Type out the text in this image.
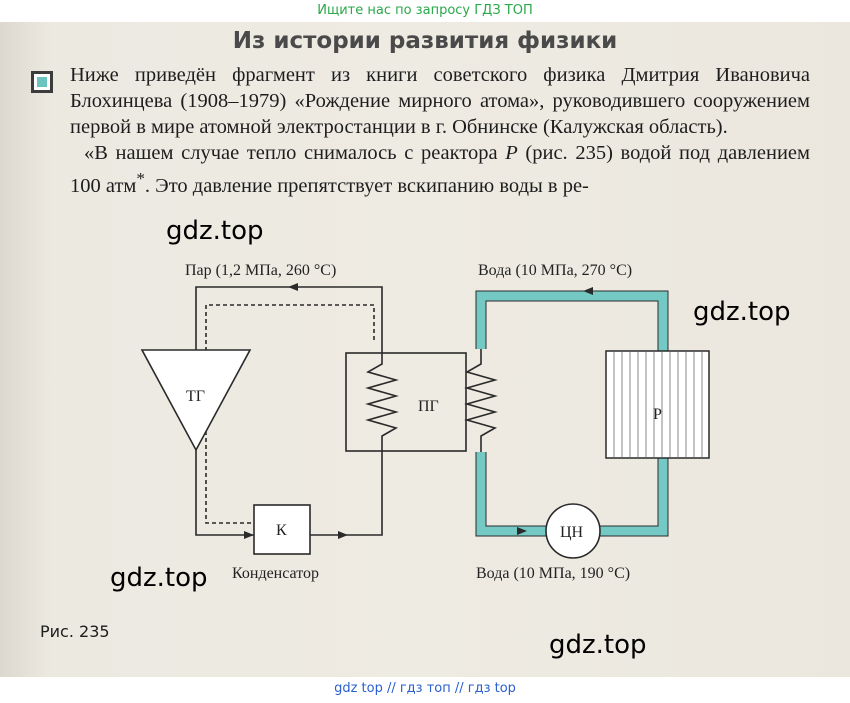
Ищите нас по запросу ГДЗ ТОП
Из истории развития физики

Ниже приведён фрагмент из книги советского физика Дмитрия Ивановича Блохинцева (1908–1979) «Рождение мирного атома», руководившего сооружением первой в мире атомной электростанции в г. Обнинске (Калужская область).

«В нашем случае тепло снималось с реактора Р (рис. 235) водой под давлением 100 атм*. Это давление препятствует вскипанию воды в ре-

Пар (1,2 МПа, 260 °С)	Вода (10 МПа, 270 °С)
ТГ
ПГ	Р
К
Конденсатор
ЦН
Вода (10 МПа, 190 °С)
Рис. 235
gdz.top
gdz.top
gdz.top
gdz.top
gdz top // гдз топ // гдз top
